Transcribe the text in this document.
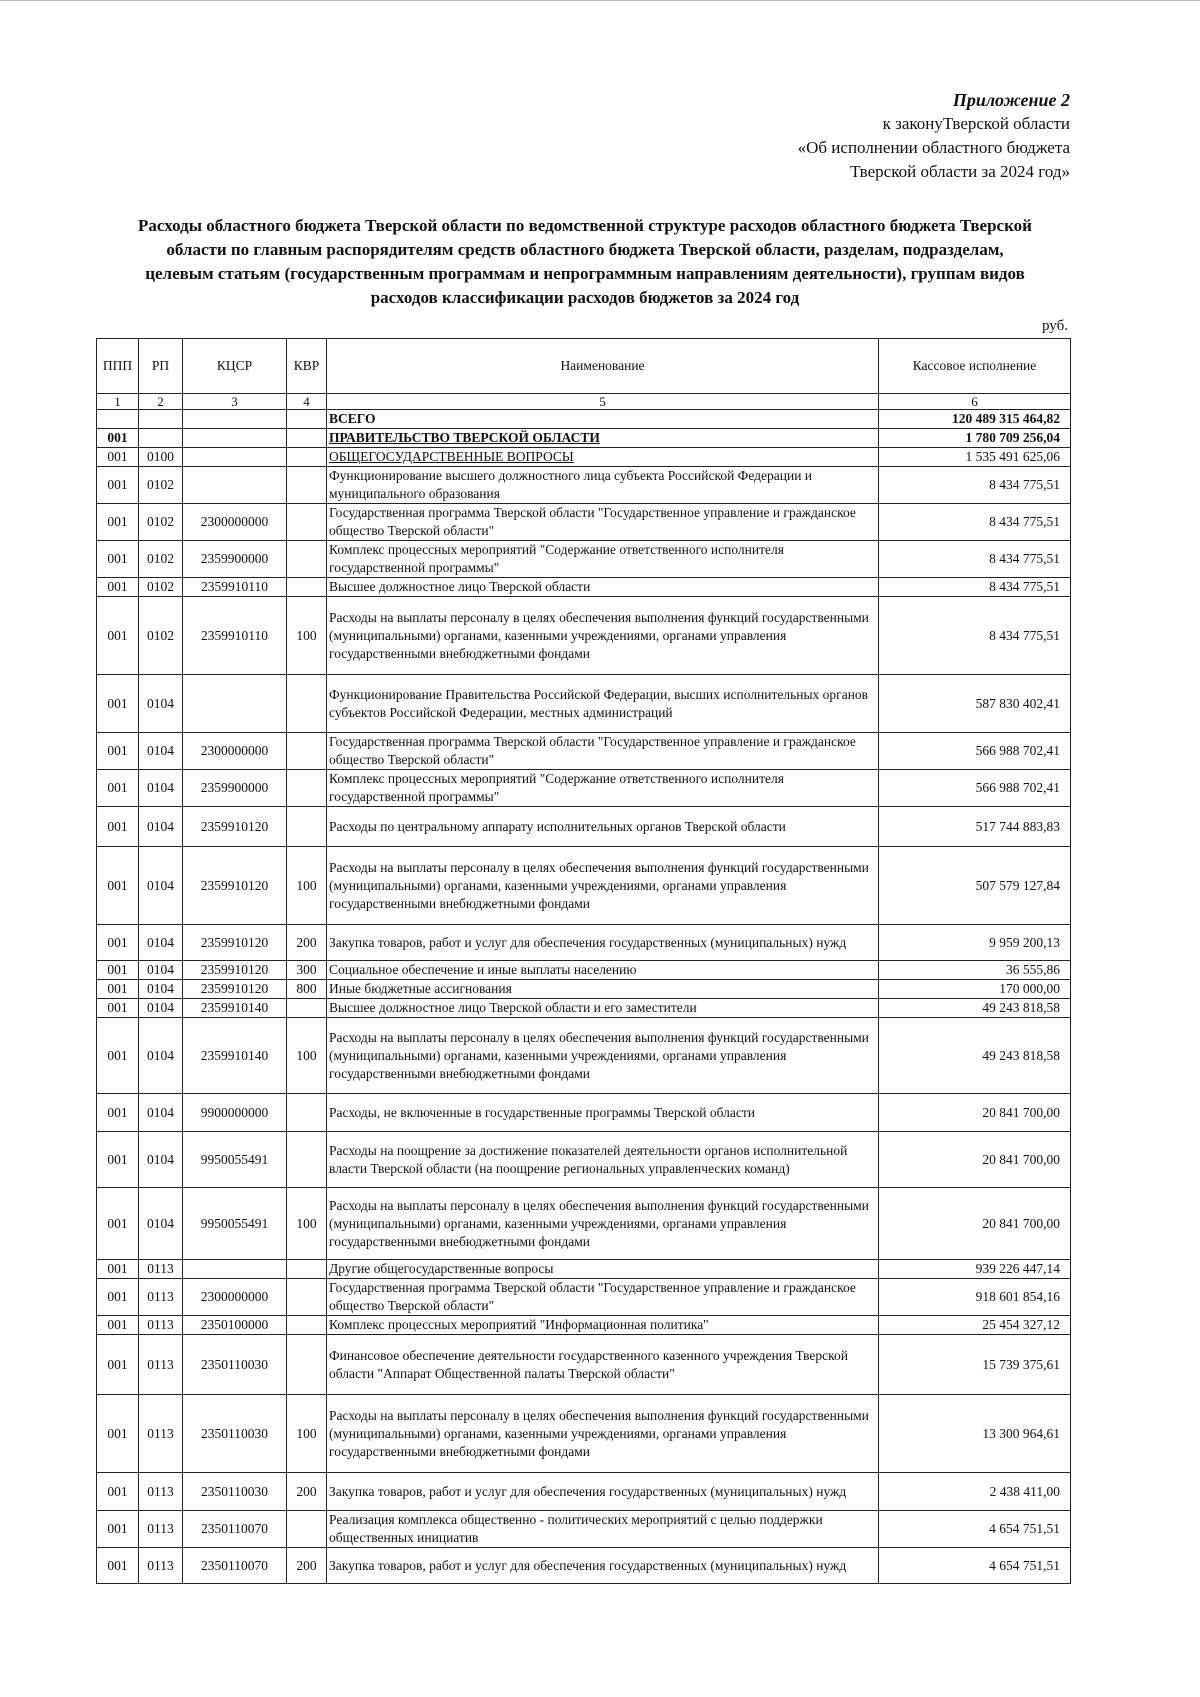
Приложение 2
к законуТверской области
«Об исполнении областного бюджета
Тверской области за 2024 год»
Расходы областного бюджета Тверской области по ведомственной структуре расходов областного бюджета Тверской
области по главным распорядителям средств областного бюджета Тверской области, разделам, подразделам,
целевым статьям (государственным программам и непрограммным направлениям деятельности), группам видов
расходов классификации расходов бюджетов за 2024 год
руб.
ППП	РП	КЦСР	КВР	Наименование	Кассовое исполнение
1	2	3	4	5	6
				ВСЕГО	120 489 315 464,82
001				ПРАВИТЕЛЬСТВО ТВЕРСКОЙ ОБЛАСТИ	1 780 709 256,04
001	0100			ОБЩЕГОСУДАРСТВЕННЫЕ ВОПРОСЫ	1 535 491 625,06
001	0102			Функционирование высшего должностного лица субъекта Российской Федерации и муниципального образования	8 434 775,51
001	0102	2300000000		Государственная программа Тверской области "Государственное управление и гражданское общество Тверской области"	8 434 775,51
001	0102	2359900000		Комплекс процессных мероприятий "Содержание ответственного исполнителя государственной программы"	8 434 775,51
001	0102	2359910110		Высшее должностное лицо Тверской области	8 434 775,51
001	0102	2359910110	100	Расходы на выплаты персоналу в целях обеспечения выполнения функций государственными (муниципальными) органами, казенными учреждениями, органами управления государственными внебюджетными фондами	8 434 775,51
001	0104			Функционирование Правительства Российской Федерации, высших исполнительных органов субъектов Российской Федерации, местных администраций	587 830 402,41
001	0104	2300000000		Государственная программа Тверской области "Государственное управление и гражданское общество Тверской области"	566 988 702,41
001	0104	2359900000		Комплекс процессных мероприятий "Содержание ответственного исполнителя государственной программы"	566 988 702,41
001	0104	2359910120		Расходы по центральному аппарату исполнительных органов Тверской области	517 744 883,83
001	0104	2359910120	100	Расходы на выплаты персоналу в целях обеспечения выполнения функций государственными (муниципальными) органами, казенными учреждениями, органами управления государственными внебюджетными фондами	507 579 127,84
001	0104	2359910120	200	Закупка товаров, работ и услуг для обеспечения государственных (муниципальных) нужд	9 959 200,13
001	0104	2359910120	300	Социальное обеспечение и иные выплаты населению	36 555,86
001	0104	2359910120	800	Иные бюджетные ассигнования	170 000,00
001	0104	2359910140		Высшее должностное лицо Тверской области и его заместители	49 243 818,58
001	0104	2359910140	100	Расходы на выплаты персоналу в целях обеспечения выполнения функций государственными (муниципальными) органами, казенными учреждениями, органами управления государственными внебюджетными фондами	49 243 818,58
001	0104	9900000000		Расходы, не включенные в государственные программы Тверской области	20 841 700,00
001	0104	9950055491		Расходы на поощрение за достижение показателей деятельности органов исполнительной власти Тверской области (на поощрение региональных управленческих команд)	20 841 700,00
001	0104	9950055491	100	Расходы на выплаты персоналу в целях обеспечения выполнения функций государственными (муниципальными) органами, казенными учреждениями, органами управления государственными внебюджетными фондами	20 841 700,00
001	0113			Другие общегосударственные вопросы	939 226 447,14
001	0113	2300000000		Государственная программа Тверской области "Государственное управление и гражданское общество Тверской области"	918 601 854,16
001	0113	2350100000		Комплекс процессных мероприятий "Информационная политика"	25 454 327,12
001	0113	2350110030		Финансовое обеспечение деятельности государственного казенного учреждения Тверской области "Аппарат Общественной палаты Тверской области"	15 739 375,61
001	0113	2350110030	100	Расходы на выплаты персоналу в целях обеспечения выполнения функций государственными (муниципальными) органами, казенными учреждениями, органами управления государственными внебюджетными фондами	13 300 964,61
001	0113	2350110030	200	Закупка товаров, работ и услуг для обеспечения государственных (муниципальных) нужд	2 438 411,00
001	0113	2350110070		Реализация комплекса общественно - политических мероприятий с целью поддержки общественных инициатив	4 654 751,51
001	0113	2350110070	200	Закупка товаров, работ и услуг для обеспечения государственных (муниципальных) нужд	4 654 751,51
